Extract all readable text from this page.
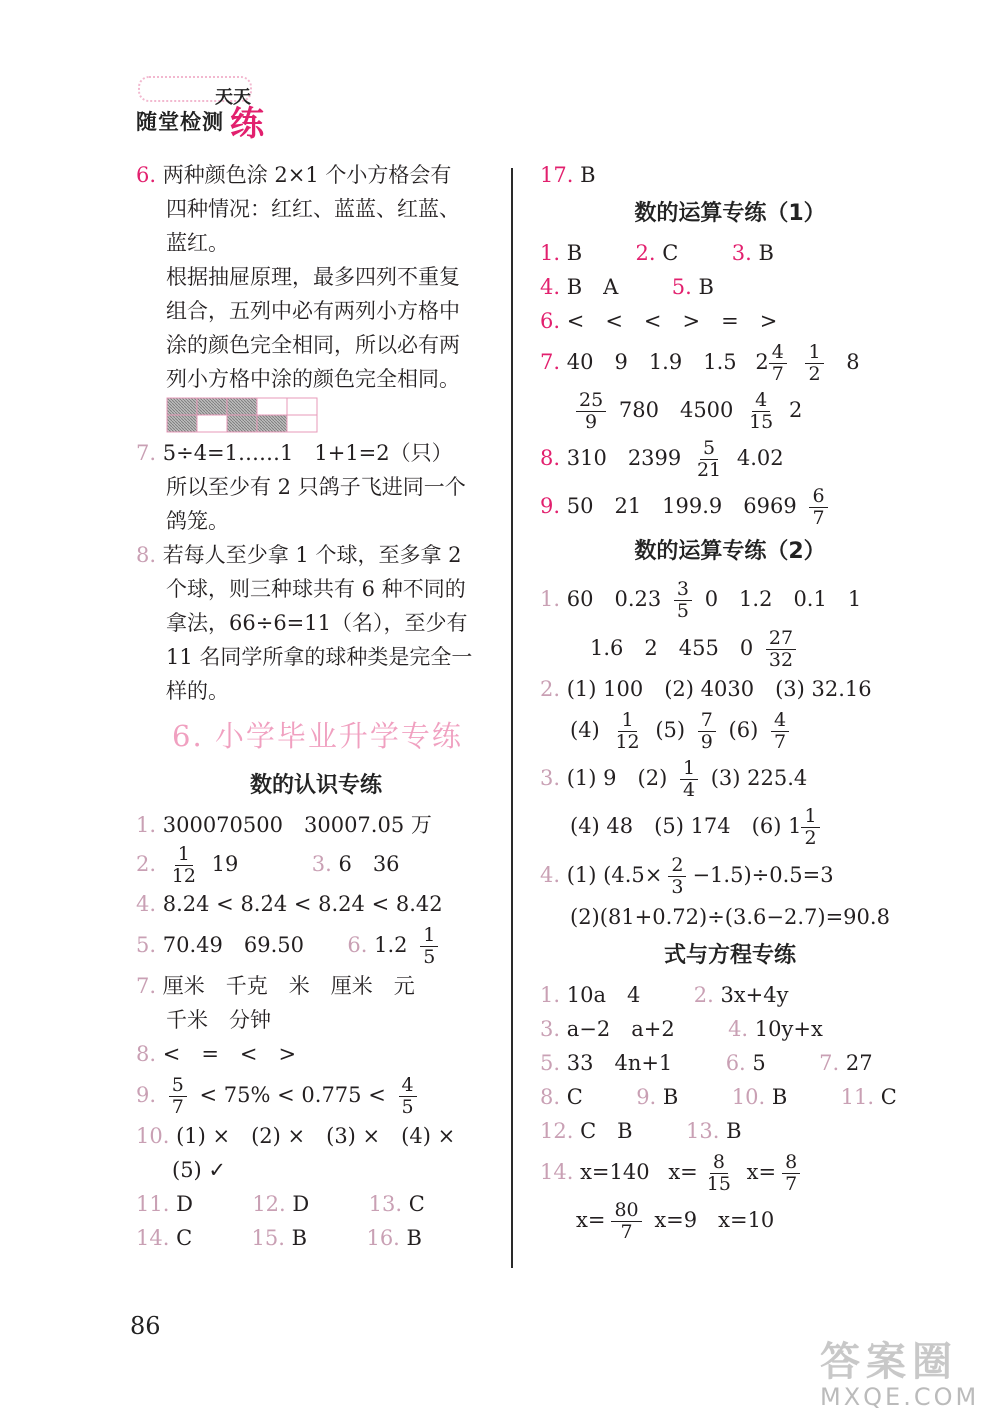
随堂检测
天天
练
6. 两种颜色涂 2×1 个小方格会有
四种情况：红红、蓝蓝、红蓝、
蓝红。
根据抽屉原理，最多四列不重复
组合，五列中必有两列小方格中
涂的颜色完全相同，所以必有两
列小方格中涂的颜色完全相同。
7. 5÷4=1……1　1+1=2（只）
所以至少有 2 只鸽子飞进同一个
鸽笼。
8. 若每人至少拿 1 个球，至多拿 2
个球，则三种球共有 6 种不同的
拿法，66÷6=11（名），至少有
11 名同学所拿的球种类是完全一
样的。
6. 小学毕业升学专练
数的认识专练
1. 300070500　30007.05 万
2. $\frac{1}{12} 19$	3. 6　36
4. 8.24 < 8.2̇4̇ < 8.24̇ < 8.42
5. 70.49　69.50 6. $1.2 \frac{1}{5}$
7. 厘米　千克　米　厘米　元
千米　分钟
8. <　=　<　>
9. $\frac{5}{7} < 75\% < 0.775 < \frac{4}{5}$
10. (1) ×　(2) ×　(3) ×　(4) ×
(5) ✓
11. D	12. D	13. C
14. C	15. B	16. B
17. B
数的运算专练（1）
1. B	2. C	3. B
4. B　A	5. B
6. <　<　<　>　=　>
7. 40　9　1.9　1.5 $2 \frac{4}{7}$
$\frac{1}{2} 8$
$\frac{25}{9} 780$　$4500 \frac{4}{15} 2$
8. 310　$2399 \frac{5}{21} 4.02$
9. 50　21　199.9　$6969 \frac{6}{7}$
数的运算专练（2）
1. 60　$0.23 \frac{3}{5} 0$　1.2　0.1　1
1.6　2　455　$0 \frac{27}{32}$
2. (1) 100　(2) 4030　(3) 32.16
$(4) \frac{1}{12} (5) \frac{7}{9} (6) \frac{4}{7}$
3. (1) 9　$(2) \frac{1}{4} (3)$ 225.4
(4) 48　(5) 174　(6) $1 \frac{1}{2}$
4. (1) $(4.5\times \frac{2}{3} -1.5)\div 0.5=3$
(2)(81+0.72)÷(3.6−2.7)=90.8
式与方程专练
1. 10a　4	2. 3x+4y
3. a−2　a+2	4. 10y+x
5. 33　4n+1	6. 5	7. 27
8. C	9. B	10. B	11. C
12. C　B	13. B
14. x=140 $x= \frac{8}{15} x= \frac{8}{7}$
$x= \frac{80}{7} x=9$　x=10
86
答案圈
MXQE.COM
